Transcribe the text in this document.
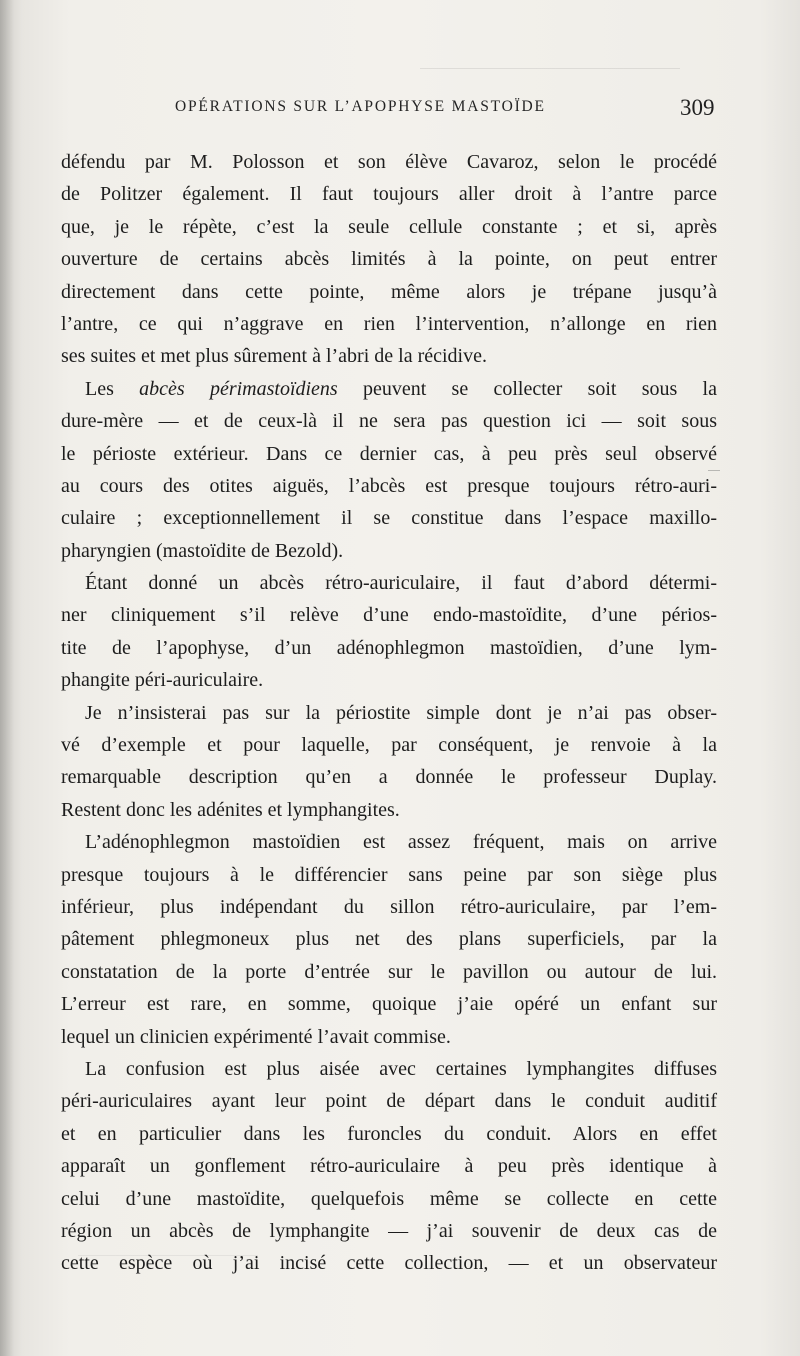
OPÉRATIONS SUR L’APOPHYSE MASTOÏDE	309
défendu par M. Polosson et son élève Cavaroz, selon le procédé
de Politzer également. Il faut toujours aller droit à l’antre parce
que, je le répète, c’est la seule cellule constante ; et si, après
ouverture de certains abcès limités à la pointe, on peut entrer
directement dans cette pointe, même alors je trépane jusqu’à
l’antre, ce qui n’aggrave en rien l’intervention, n’allonge en rien
ses suites et met plus sûrement à l’abri de la récidive.
Les abcès périmastoïdiens peuvent se collecter soit sous la
dure-mère — et de ceux-là il ne sera pas question ici — soit sous
le périoste extérieur. Dans ce dernier cas, à peu près seul observé
au cours des otites aiguës, l’abcès est presque toujours rétro-auri-
culaire ; exceptionnellement il se constitue dans l’espace maxillo-
pharyngien (mastoïdite de Bezold).
Étant donné un abcès rétro-auriculaire, il faut d’abord détermi-
ner cliniquement s’il relève d’une endo-mastoïdite, d’une périos-
tite de l’apophyse, d’un adénophlegmon mastoïdien, d’une lym-
phangite péri-auriculaire.
Je n’insisterai pas sur la périostite simple dont je n’ai pas obser-
vé d’exemple et pour laquelle, par conséquent, je renvoie à la
remarquable description qu’en a donnée le professeur Duplay.
Restent donc les adénites et lymphangites.
L’adénophlegmon mastoïdien est assez fréquent, mais on arrive
presque toujours à le différencier sans peine par son siège plus
inférieur, plus indépendant du sillon rétro-auriculaire, par l’em-
pâtement phlegmoneux plus net des plans superficiels, par la
constatation de la porte d’entrée sur le pavillon ou autour de lui.
L’erreur est rare, en somme, quoique j’aie opéré un enfant sur
lequel un clinicien expérimenté l’avait commise.
La confusion est plus aisée avec certaines lymphangites diffuses
péri-auriculaires ayant leur point de départ dans le conduit auditif
et en particulier dans les furoncles du conduit. Alors en effet
apparaît un gonflement rétro-auriculaire à peu près identique à
celui d’une mastoïdite, quelquefois même se collecte en cette
région un abcès de lymphangite — j’ai souvenir de deux cas de
cette espèce où j’ai incisé cette collection, — et un observateur
